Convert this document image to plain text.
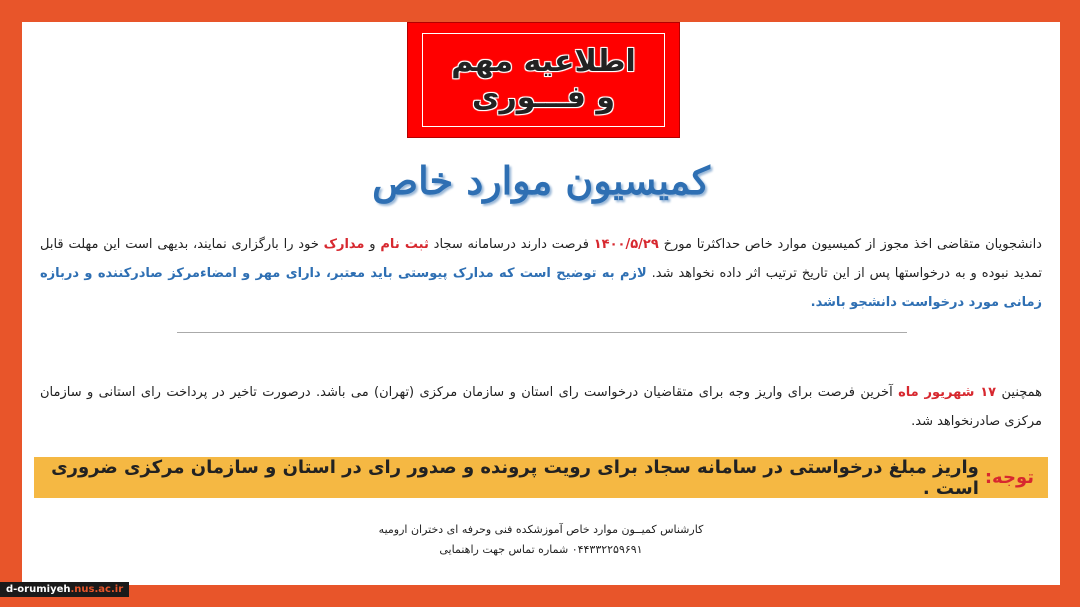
اطلاعیه مهم
و فـــوری
کمیسیون موارد خاص
دانشجویان متقاضی اخذ مجوز از کمیسیون موارد خاص حداکثرتا مورخ ۱۴۰۰/۵/۲۹ فرصت دارند درسامانه سجاد ثبت نام و مدارک خود را بارگزاری نمایند، بدیهی است این مهلت قابل تمدید نبوده و به درخواستها پس از این تاریخ ترتیب اثر داده نخواهد شد. لازم به توضیح است که مدارک پیوستی باید معتبر، دارای مهر و امضاءمرکز صادرکننده و دربازه زمانی مورد درخواست دانشجو باشد.
همچنین ۱۷ شهریور ماه آخرین فرصت برای واریز وجه برای متقاضیان درخواست رای استان و سازمان مرکزی (تهران) می باشد. درصورت تاخیر در پرداخت رای استانی و سازمان مرکزی صادرنخواهد شد.
توجه:
واریز مبلغ درخواستی در سامانه سجاد برای رویت پرونده و صدور رای در استان و سازمان مرکزی ضروری است .
کارشناس کمیــون موارد خاص آموزشکده فنی وحرفه ای دختران ارومیه
۰۴۴۳۳۲۲۵۹۶۹۱ شماره تماس جهت راهنمایی
d-orumiyeh.nus.ac.ir
